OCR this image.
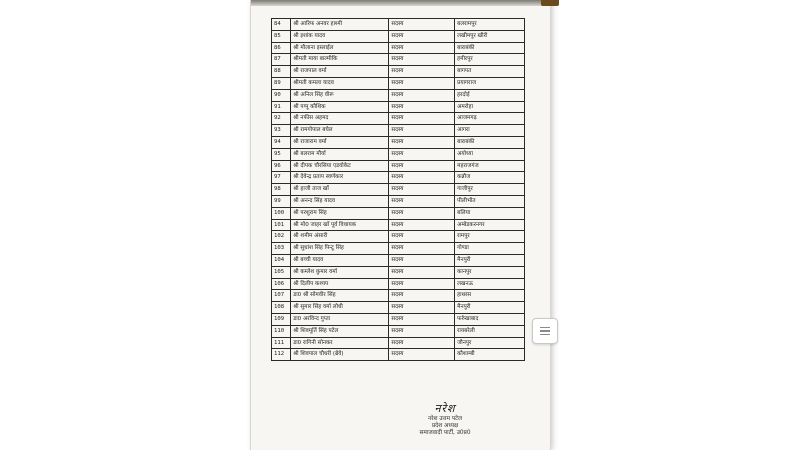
84	श्री आरिफ अनवर हाश्मी	सदस्य	बलरामपुर
85	श्री इशांक यादव	सदस्य	लखीमपुर खीरी
86	श्री मौलाना इस्लाईल	सदस्य	बाराबंकी
87	श्रीमती माया बाल्मीकि	सदस्य	हमीरपुर
88	श्री राजपाल वर्मा	सदस्य	बागपत
89	श्रीमती कमला यादव	सदस्य	प्रयागराज
90	श्री अनिल सिंह वीरू	सदस्य	हरदोई
91	श्री पप्पू कौशिक	सदस्य	अमरोहा
92	श्री नफीस अहमद	सदस्य	आजमगढ़
93	श्री रामगोपाल बघेल	सदस्य	आगरा
94	श्री राजाराम वर्मा	सदस्य	बाराबंकी
95	श्री बलराम मौर्या	सदस्य	अयोध्या
96	श्री दीपक चौरसिया एडवोकेट	सदस्य	महराजगंज
97	श्री देवेन्द्र प्रताप स्वर्णकार	सदस्य	कन्नौज
98	श्री हाजी ताज खाँ	सदस्य	गाजीपुर
99	श्री अनन्द सिंह यादव	सदस्य	पीलीभीत
100	श्री परशुराम सिंह	सदस्य	बलिया
101	श्री मो0 जाहर खाँ पूर्व विधायक	सदस्य	अम्बेडकरनगर
102	श्री शमीम अंसारी	सदस्य	रामपुर
103	श्री सुधांश सिंह पिन्टू सिंह	सदस्य	गोण्डा
104	श्री बच्ची यादव	सदस्य	मैनपुरी
105	श्री कम्लेश कुमार वर्मा	सदस्य	कानपुर
106	श्री दिलीप कश्यप	सदस्य	लखनऊ
107	डा0 श्री सोमवीर सिंह	सदस्य	हाथरस
108	श्री सुमार सिंह वर्मा लोधी	सदस्य	मैनपुरी
109	डा0 अरविन्द गुप्ता	सदस्य	फर्रुखाबाद
110	श्री शिवमूर्ति सिंह पटेल	सदस्य	रायबरेली
111	डा0 रागिनी सोनकर	सदस्य	जौनपुर
112	श्री शिवपाल चौधरी (ब्रेवे)	सदस्य	कौशाम्बी
नरेश
नरेश उत्तम पटेल
प्रदेश अध्यक्ष
समाजवादी पार्टी, उ0प्र0
